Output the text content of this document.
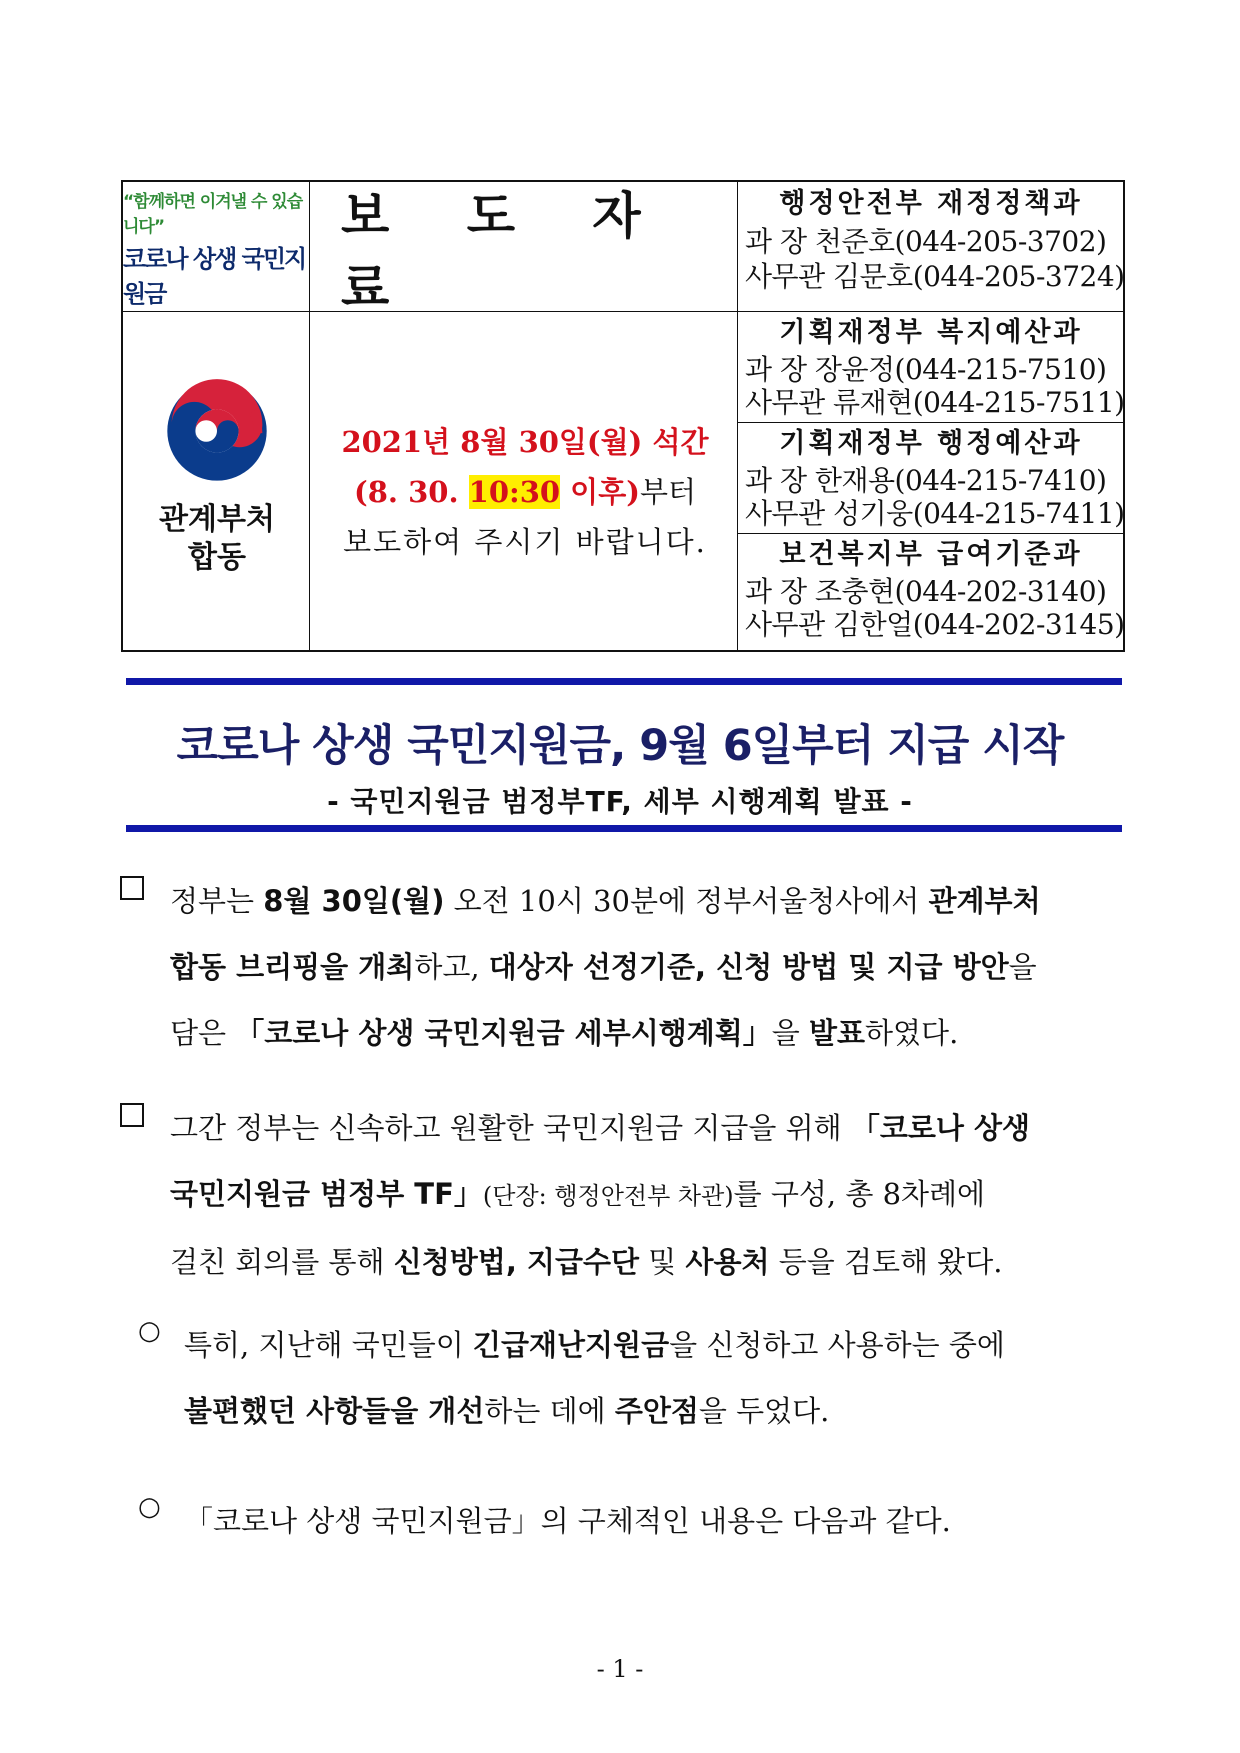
“함께하면 이겨낼 수 있습니다”
코로나 상생 국민지원금
보 도 자 료
관계부처
합동
2021년 8월 30일(월) 석간
(8. 30. 10:30 이후)부터
보도하여 주시기 바랍니다.
행정안전부 재정정책과
과 장 천준호(044-205-3702)
사무관 김문호(044-205-3724)
기획재정부 복지예산과
과 장 장윤정(044-215-7510)
사무관 류재현(044-215-7511)
기획재정부 행정예산과
과 장 한재용(044-215-7410)
사무관 성기웅(044-215-7411)
보건복지부 급여기준과
과 장 조충현(044-202-3140)
사무관 김한얼(044-202-3145)
코로나 상생 국민지원금, 9월 6일부터 지급 시작
- 국민지원금 범정부TF, 세부 시행계획 발표 -
정부는 8월 30일(월) 오전 10시 30분에 정부서울청사에서 관계부처
합동 브리핑을 개최하고, 대상자 선정기준, 신청 방법 및 지급 방안을
담은 「코로나 상생 국민지원금 세부시행계획」을 발표하였다.
그간 정부는 신속하고 원활한 국민지원금 지급을 위해 「코로나 상생
국민지원금 범정부 TF」(단장: 행정안전부 차관)를 구성, 총 8차례에
걸친 회의를 통해 신청방법, 지급수단 및 사용처 등을 검토해 왔다.
○ 특히, 지난해 국민들이 긴급재난지원금을 신청하고 사용하는 중에
불편했던 사항들을 개선하는 데에 주안점을 두었다.
○ 「코로나 상생 국민지원금」의 구체적인 내용은 다음과 같다.
- 1 -
